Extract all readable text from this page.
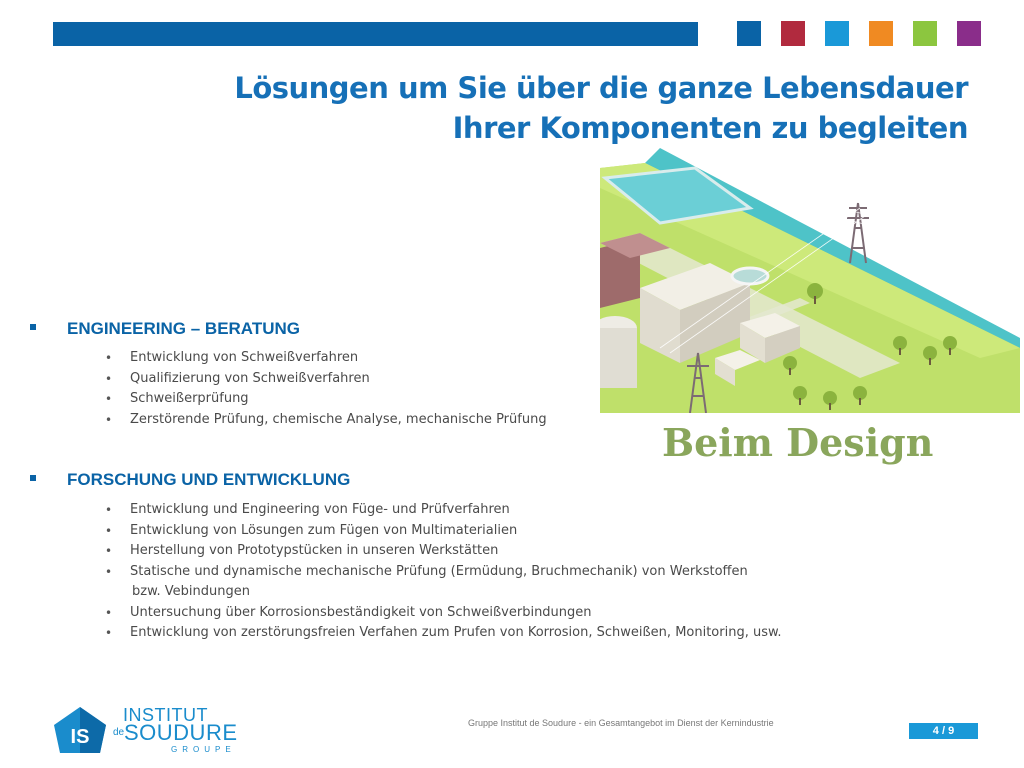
Lösungen um Sie über die ganze Lebensdauer
Ihrer Komponenten zu begleiten
Beim Design
ENGINEERING – BERATUNG
• Entwicklung von Schweißverfahren
• Qualifizierung von Schweißverfahren
• Schweißerprüfung
• Zerstörende Prüfung, chemische Analyse, mechanische Prüfung
FORSCHUNG UND ENTWICKLUNG
• Entwicklung und Engineering von Füge- und Prüfverfahren
• Entwicklung von Lösungen zum Fügen von Multimaterialien
• Herstellung von Prototypstücken in unseren Werkstätten
• Statische und dynamische mechanische Prüfung (Ermüdung, Bruchmechanik) von Werkstoffen
bzw. Vebindungen
• Untersuchung über Korrosionsbeständigkeit von Schweißverbindungen
• Entwicklung von zerstörungsfreien Verfahen zum Prufen von Korrosion, Schweißen, Monitoring, usw.
IS
INSTITUT
de SOUDURE
GROUPE
Gruppe Institut de Soudure - ein Gesamtangebot im Dienst der Kernindustrie
4 / 9
